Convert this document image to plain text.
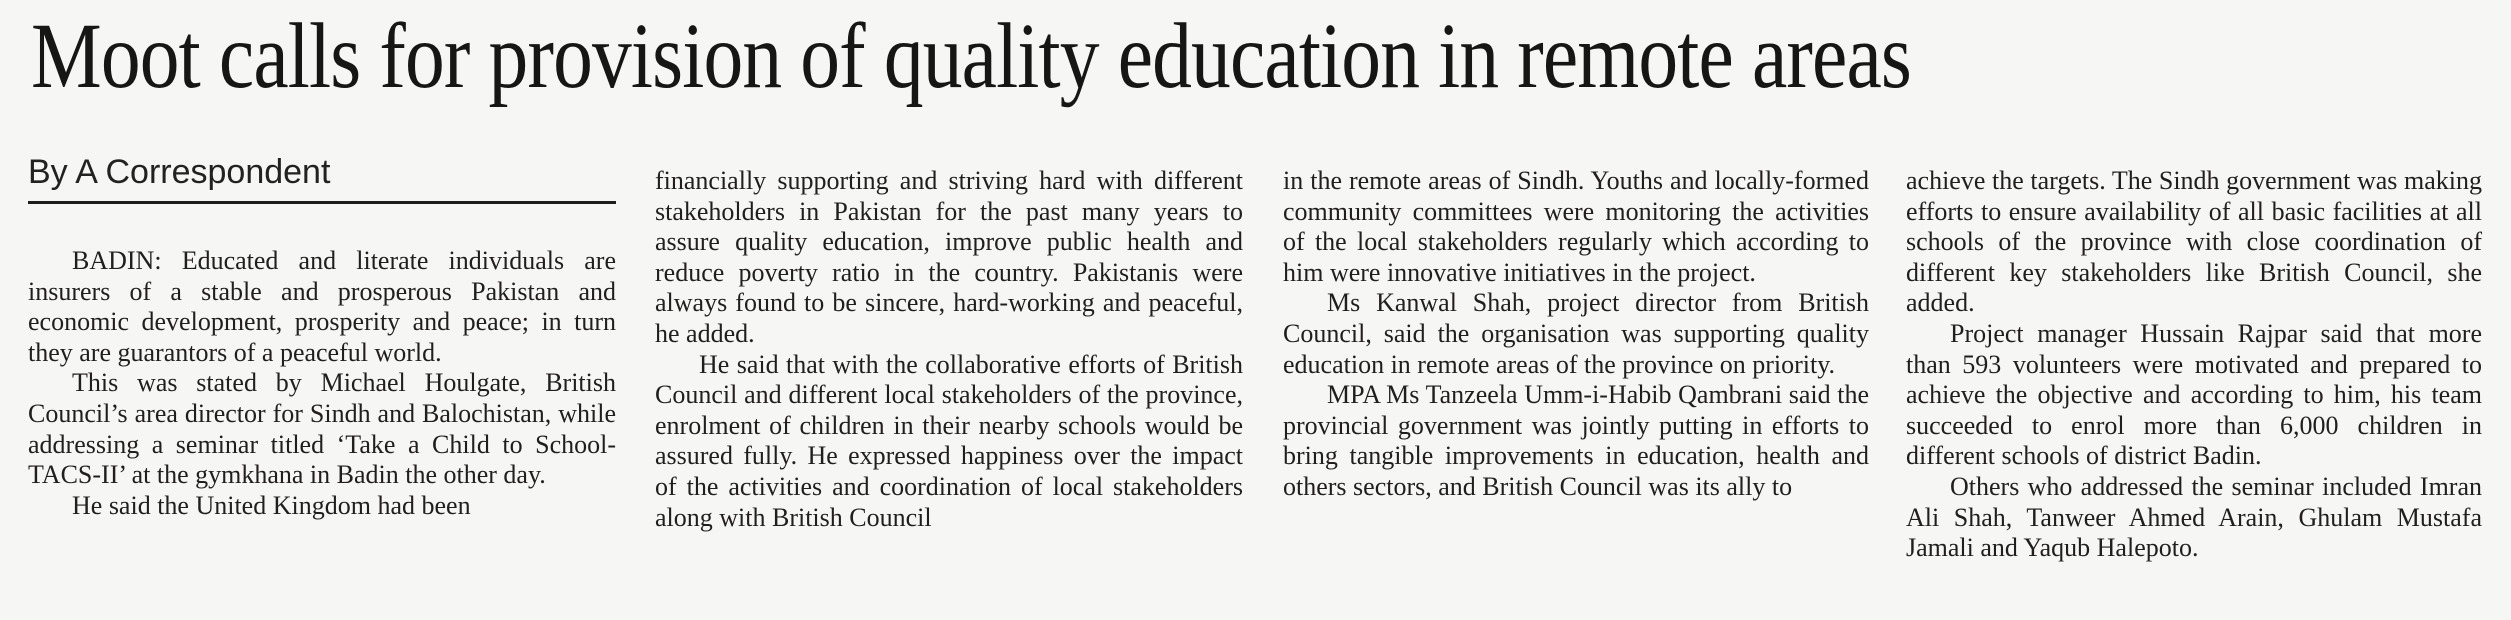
Moot calls for provision of quality education in remote areas
By A Correspondent

BADIN: Educated and literate individuals are insurers of a stable and prosperous Pakistan and economic development, prosperity and peace; in turn they are guarantors of a peaceful world.

This was stated by Michael Houlgate, British Council’s area director for Sindh and Balochistan, while addressing a seminar titled ‘Take a Child to School-TACS-II’ at the gymkhana in Badin the other day.

He said the United Kingdom had been

financially supporting and striving hard with different stakeholders in Pakistan for the past many years to assure quality education, improve public health and reduce poverty ratio in the country. Pakistanis were always found to be sincere, hard-working and peaceful, he added.

He said that with the collaborative efforts of British Council and different local stakeholders of the province, enrolment of children in their nearby schools would be assured fully. He expressed happiness over the impact of the activities and coordination of local stakeholders along with British Council

in the remote areas of Sindh. Youths and locally-formed community committees were monitoring the activities of the local stakeholders regularly which according to him were innovative initiatives in the project.

Ms Kanwal Shah, project director from British Council, said the organisation was supporting quality education in remote areas of the province on priority.

MPA Ms Tanzeela Umm-i-Habib Qambrani said the provincial government was jointly putting in efforts to bring tangible improvements in education, health and others sectors, and British Council was its ally to

achieve the targets. The Sindh government was making efforts to ensure availability of all basic facilities at all schools of the province with close coordination of different key stakeholders like British Council, she added.

Project manager Hussain Rajpar said that more than 593 volunteers were motivated and prepared to achieve the objective and according to him, his team succeeded to enrol more than 6,000 children in different schools of district Badin.

Others who addressed the seminar included Imran Ali Shah, Tanweer Ahmed Arain, Ghulam Mustafa Jamali and Yaqub Halepoto.
